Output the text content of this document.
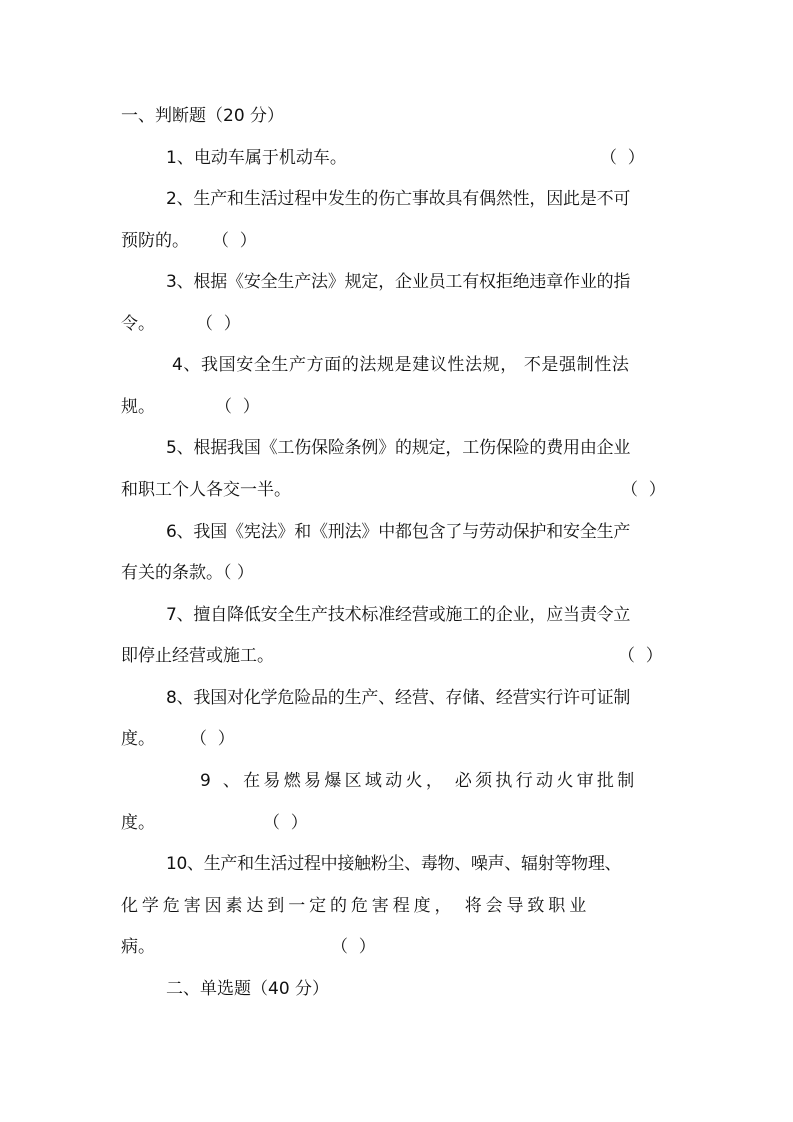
一、判断题（20 分）
1、电动车属于机动车。	（  ）
2、生产和生活过程中发生的伤亡事故具有偶然性，因此是不可
预防的。 （  ）
3、根据《安全生产法》规定，企业员工有权拒绝违章作业的指
令。 （  ）
4、我国安全生产方面的法规是建议性法规， 不是强制性法
规。	（  ）
5、根据我国《工伤保险条例》的规定，工伤保险的费用由企业
和职工个人各交一半。	（  ）
6、我国《宪法》和《刑法》中都包含了与劳动保护和安全生产
有关的条款。（ ）
7、擅自降低安全生产技术标准经营或施工的企业，应当责令立
即停止经营或施工。	（  ）
8、我国对化学危险品的生产、经营、存储、经营实行许可证制
度。 （  ）
9 、在易燃易爆区域动火， 必须执行动火审批制
度。	（  ）
10、生产和生活过程中接触粉尘、毒物、噪声、辐射等物理、
化学危害因素达到一定的危害程度， 将会导致职业
病。	（  ）
二、单选题（40 分）
